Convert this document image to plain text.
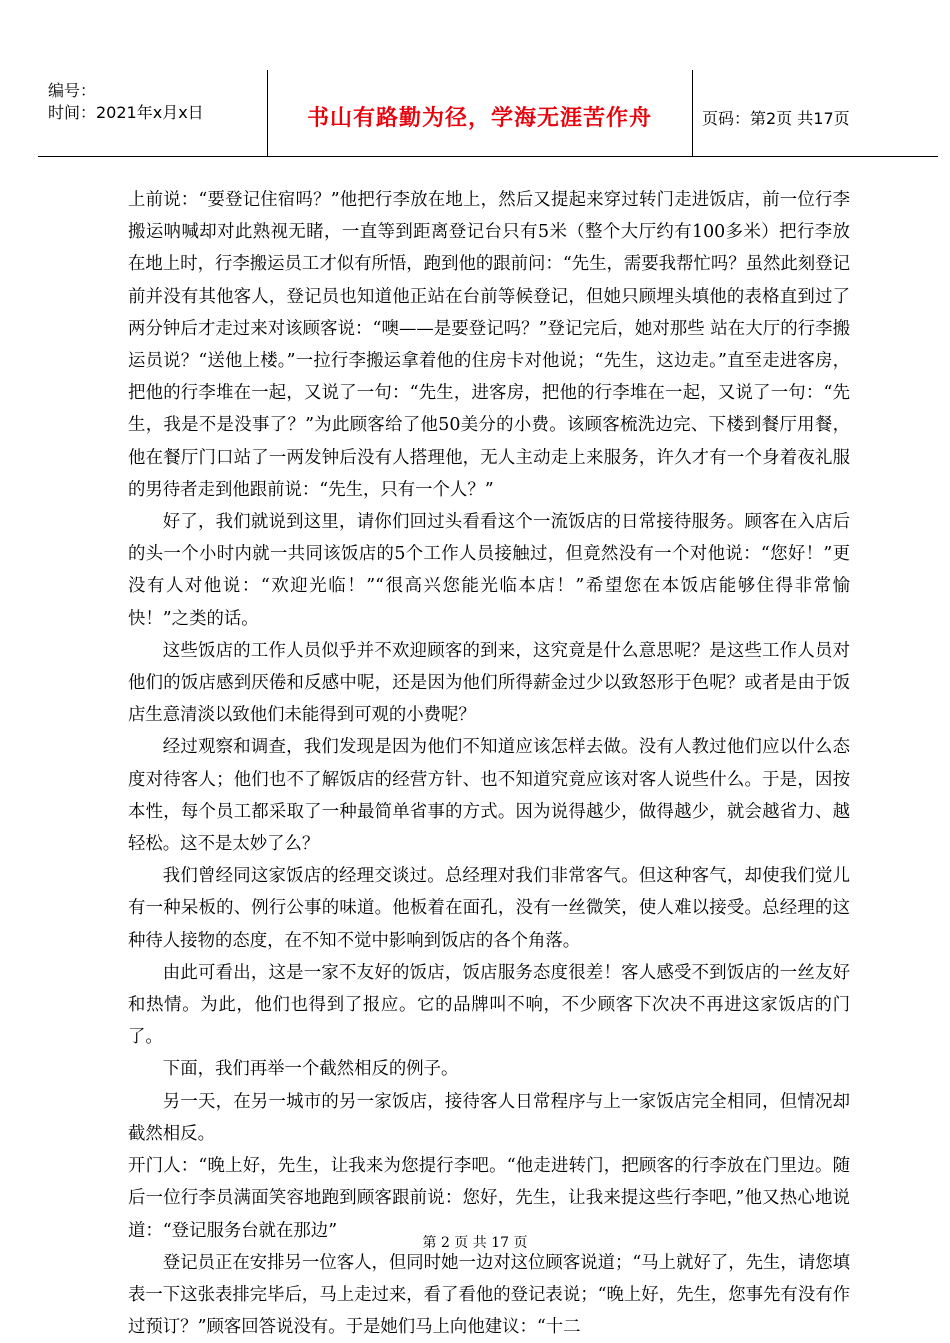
编号：
时间：2021年x月x日	书山有路勤为径，学海无涯苦作舟	页码：第2页 共17页

上前说：“要登记住宿吗？”他把行李放在地上，然后又提起来穿过转门走进饭店，前一位行李搬运呐喊却对此熟视无睹，一直等到距离登记台只有5米（整个大厅约有100多米）把行李放在地上时，行李搬运员工才似有所悟，跑到他的跟前问：“先生，需要我帮忙吗？虽然此刻登记前并没有其他客人，登记员也知道他正站在台前等候登记，但她只顾埋头填他的表格直到过了两分钟后才走过来对该顾客说：“噢——是要登记吗？”登记完后，她对那些 站在大厅的行李搬运员说？“送他上楼。”一拉行李搬运拿着他的住房卡对他说；“先生，这边走。”直至走进客房，把他的行李堆在一起，又说了一句：“先生，进客房，把他的行李堆在一起，又说了一句：“先生，我是不是没事了？”为此顾客给了他50美分的小费。该顾客梳洗边完、下楼到餐厅用餐，他在餐厅门口站了一两发钟后没有人搭理他，无人主动走上来服务，许久才有一个身着夜礼服的男待者走到他跟前说：“先生，只有一个人？”

好了，我们就说到这里，请你们回过头看看这个一流饭店的日常接待服务。顾客在入店后的头一个小时内就一共同该饭店的5个工作人员接触过，但竟然没有一个对他说：“您好！”更没有人对他说：“欢迎光临！”“很高兴您能光临本店！”希望您在本饭店能够住得非常愉快！”之类的话。

这些饭店的工作人员似乎并不欢迎顾客的到来，这究竟是什么意思呢？是这些工作人员对他们的饭店感到厌倦和反感中呢，还是因为他们所得薪金过少以致怒形于色呢？或者是由于饭店生意清淡以致他们未能得到可观的小费呢？

经过观察和调查，我们发现是因为他们不知道应该怎样去做。没有人教过他们应以什么态度对待客人；他们也不了解饭店的经营方针、也不知道究竟应该对客人说些什么。于是，因按本性，每个员工都采取了一种最简单省事的方式。因为说得越少，做得越少，就会越省力、越轻松。这不是太妙了么？

我们曾经同这家饭店的经理交谈过。总经理对我们非常客气。但这种客气，却使我们觉儿有一种呆板的、例行公事的味道。他板着在面孔，没有一丝微笑，使人难以接受。总经理的这种待人接物的态度，在不知不觉中影响到饭店的各个角落。

由此可看出，这是一家不友好的饭店，饭店服务态度很差！客人感受不到饭店的一丝友好和热情。为此，他们也得到了报应。它的品牌叫不响，不少顾客下次决不再进这家饭店的门了。

下面，我们再举一个截然相反的例子。

另一天，在另一城市的另一家饭店，接待客人日常程序与上一家饭店完全相同，但情况却截然相反。

开门人：“晚上好，先生，让我来为您提行李吧。“他走进转门，把顾客的行李放在门里边。随后一位行李员满面笑容地跑到顾客跟前说：您好，先生，让我来提这些行李吧，”他又热心地说道：“登记服务台就在那边”

登记员正在安排另一位客人，但同时她一边对这位顾客说道；“马上就好了，先生，请您填表一下这张表排完毕后，马上走过来，看了看他的登记表说；“晚上好，先生，您事先有没有作过预订？”顾客回答说没有。于是她们马上向他建议：“十二

第 2 页 共 17 页
